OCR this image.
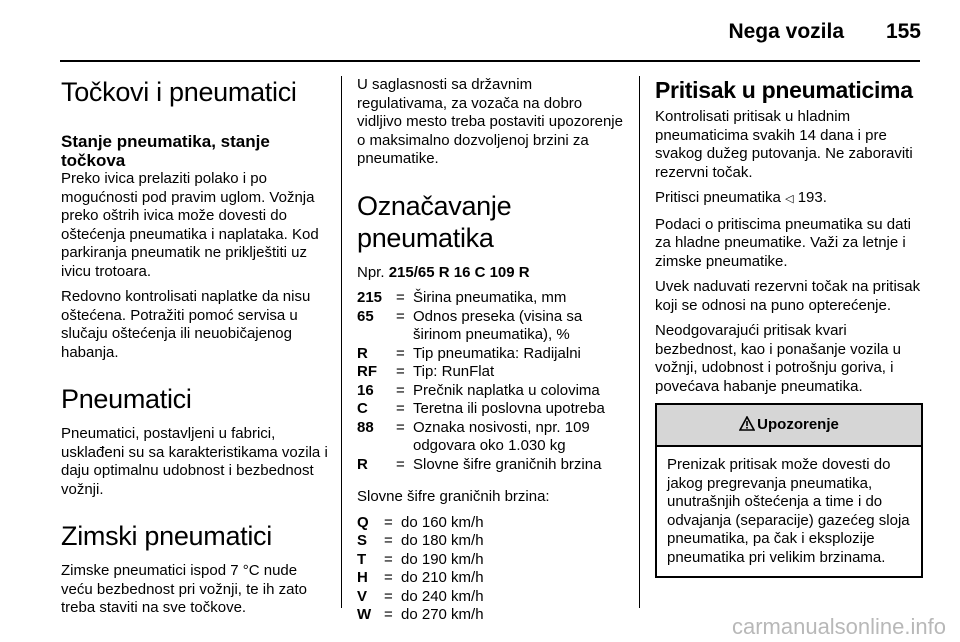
Nega vozila 155
Točkovi i pneumatici
Stanje pneumatika, stanje točkova

Preko ivica prelaziti polako i po mogućnosti pod pravim uglom. Vožnja preko oštrih ivica može dovesti do oštećenja pneumatika i naplataka. Kod parkiranja pneumatik ne priklještiti uz ivicu trotoara.

Redovno kontrolisati naplatke da nisu oštećena. Potražiti pomoć servisa u slučaju oštećenja ili neuobičajenog habanja.

Pneumatici

Pneumatici, postavljeni u fabrici, usklađeni su sa karakteristikama vozila i daju optimalnu udobnost i bezbednost vožnji.

Zimski pneumatici

Zimske pneumatici ispod 7 °C nude veću bezbednost pri vožnji, te ih zato treba staviti na sve točkove.

U saglasnosti sa državnim regulativama, za vozača na dobro vidljivo mesto treba postaviti upozorenje o maksimalno dozvoljenoj brzini za pneumatike.

Označavanje pneumatika

Npr. 215/65 R 16 C 109 R

215	=	Širina pneumatika, mm
65	=	Odnos preseka (visina sa širinom pneumatika), %
R	=	Tip pneumatika: Radijalni
RF	=	Tip: RunFlat
16	=	Prečnik naplatka u colovima
C	=	Teretna ili poslovna upotreba
88	=	Oznaka nosivosti, npr. 109 odgovara oko 1.030 kg
R	=	Slovne šifre graničnih brzina

Slovne šifre graničnih brzina:

Q	=	do 160 km/h
S	=	do 180 km/h
T	=	do 190 km/h
H	=	do 210 km/h
V	=	do 240 km/h
W	=	do 270 km/h
Pritisak u pneumaticima

Kontrolisati pritisak u hladnim pneumaticima svakih 14 dana i pre svakog dužeg putovanja. Ne zaboraviti rezervni točak.

Pritisci pneumatika ◁ 193.

Podaci o pritiscima pneumatika su dati za hladne pneumatike. Važi za letnje i zimske pneumatike.

Uvek naduvati rezervni točak na pritisak koji se odnosi na puno opterećenje.

Neodgovarajući pritisak kvari bezbednost, kao i ponašanje vozila u vožnji, udobnost i potrošnju goriva, i povećava habanje pneumatika.

Upozorenje
Prenizak pritisak može dovesti do jakog pregrevanja pneumatika, unutrašnjih oštećenja a time i do odvajanja (separacije) gazećeg sloja pneumatika, pa čak i eksplozije pneumatika pri velikim brzinama.
carmanualsonline.info
